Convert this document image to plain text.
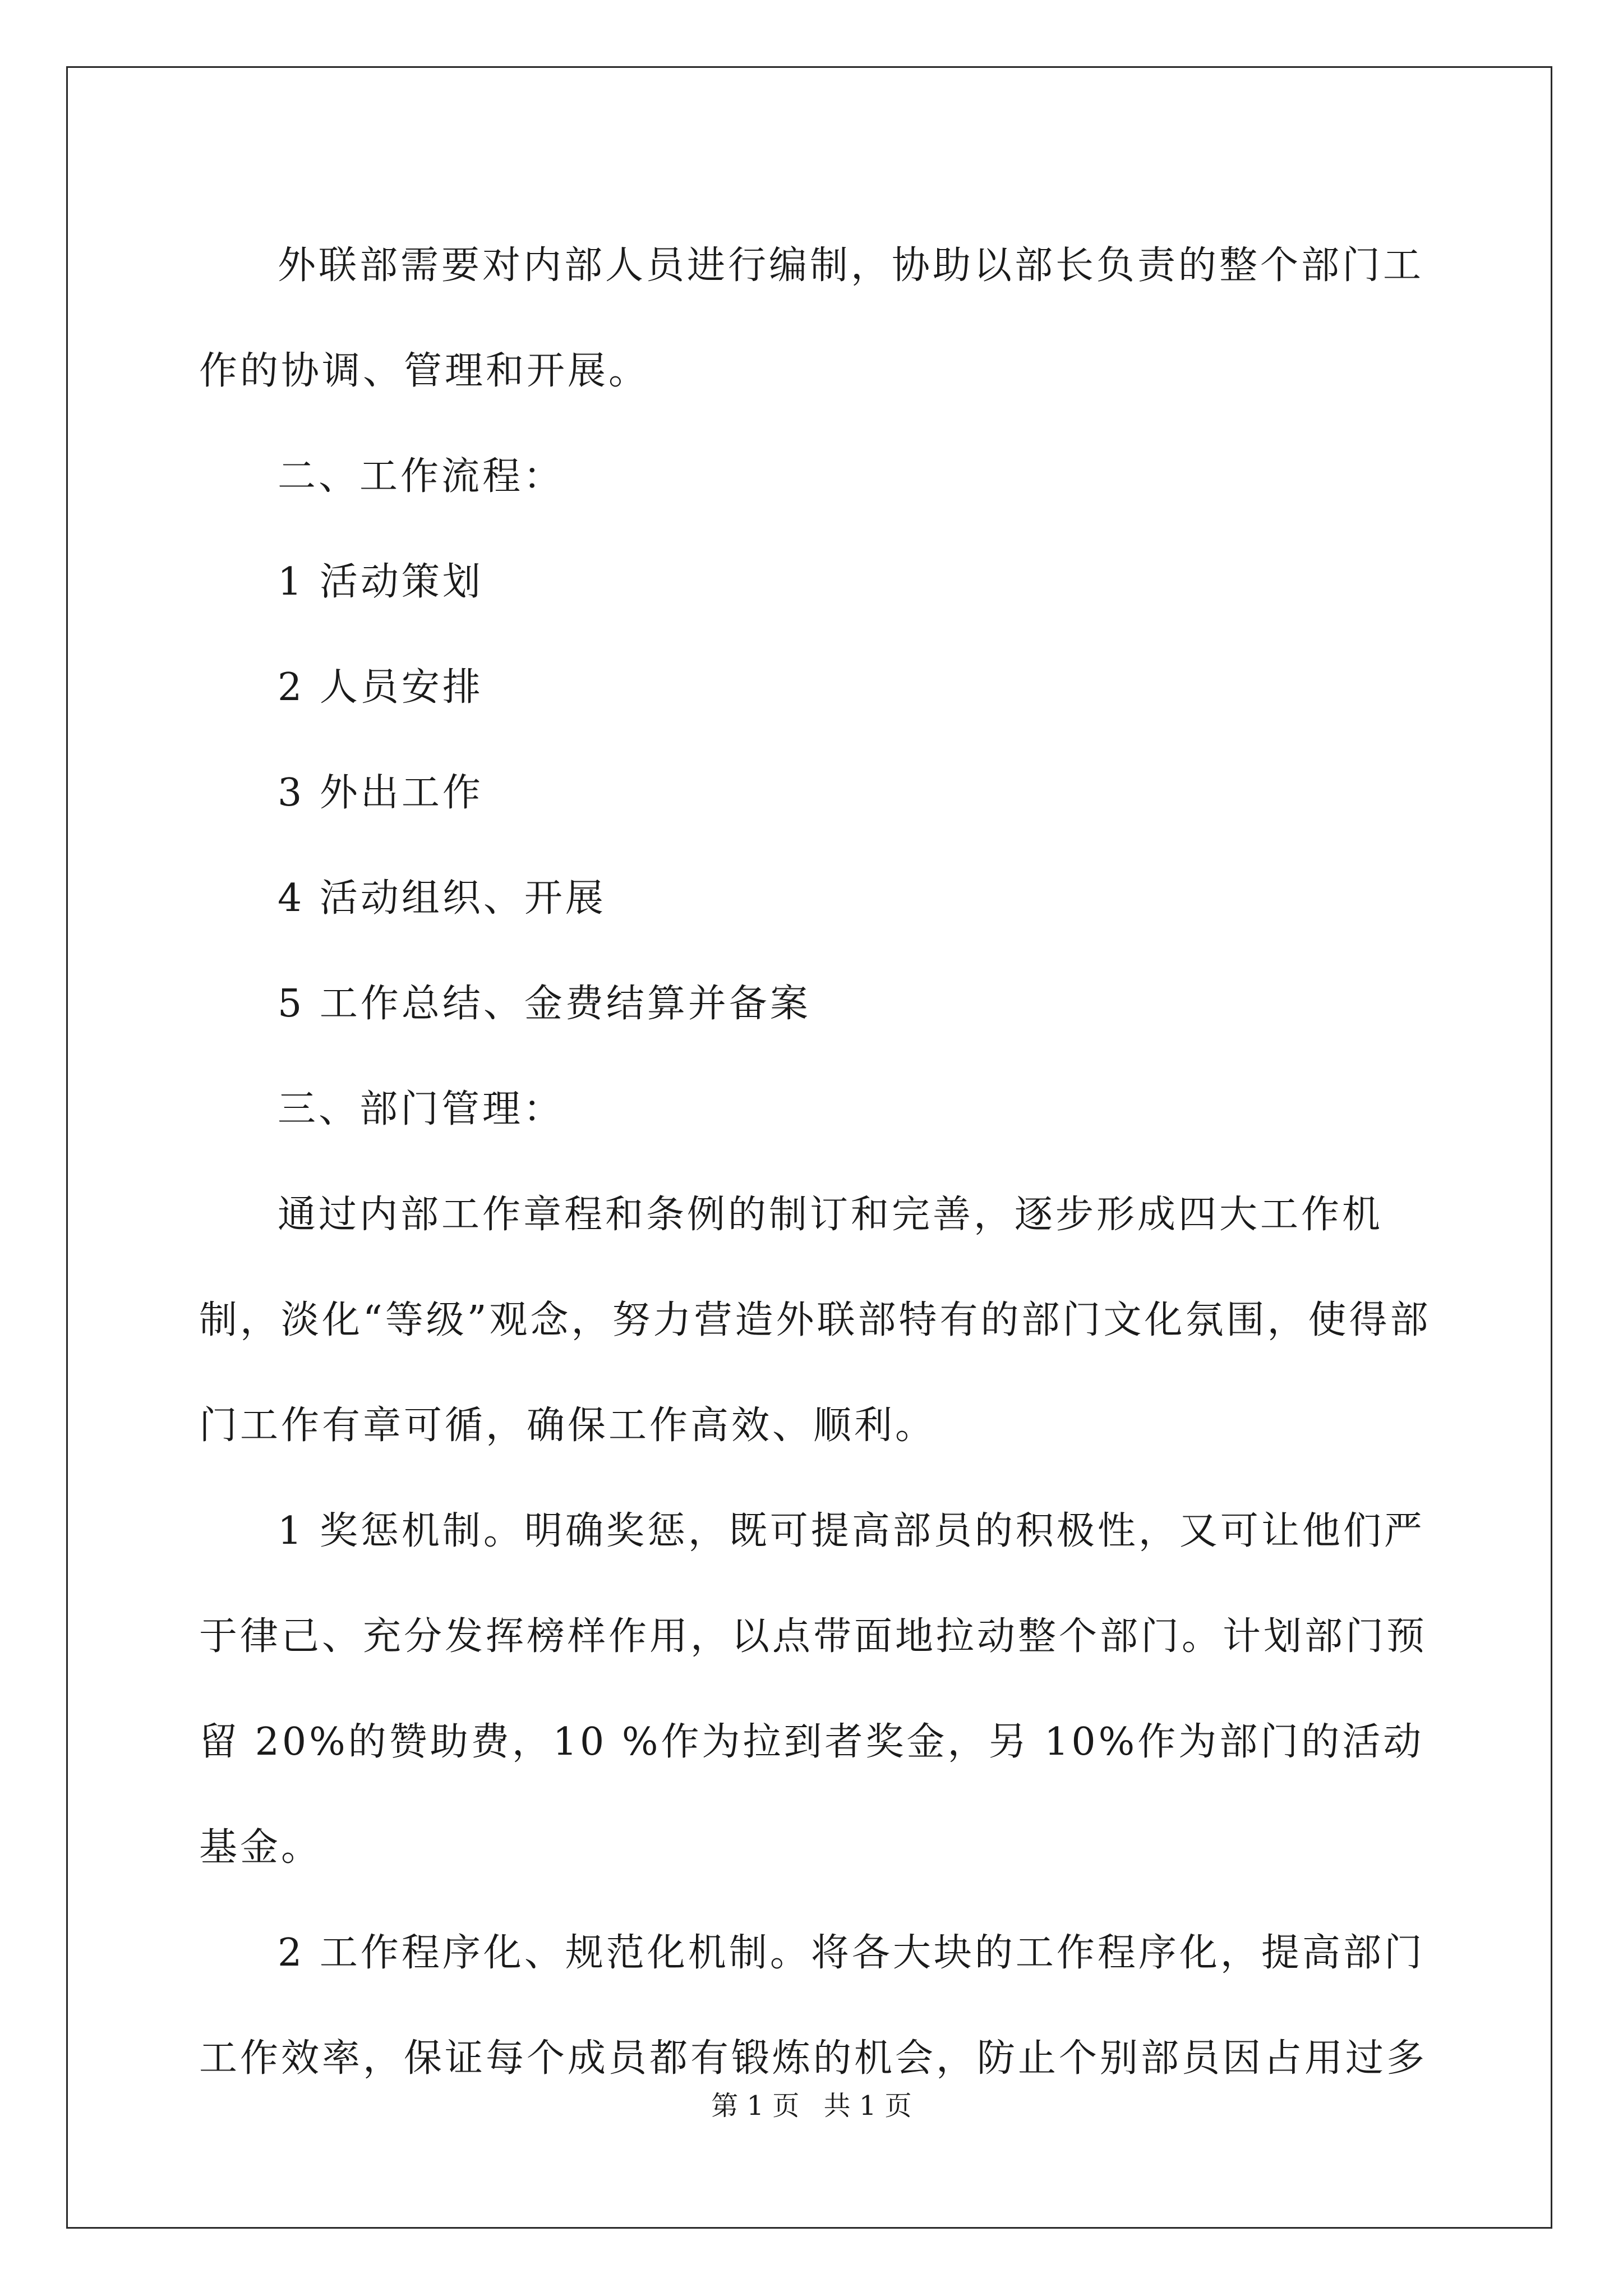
外联部需要对内部人员进行编制，协助以部长负责的整个部门工作的协调、管理和开展。

二、工作流程：

1 活动策划

2 人员安排

3 外出工作

4 活动组织、开展

5 工作总结、金费结算并备案

三、部门管理：

通过内部工作章程和条例的制订和完善，逐步形成四大工作机制，淡化“等级”观念，努力营造外联部特有的部门文化氛围，使得部门工作有章可循，确保工作高效、顺利。

1 奖惩机制。明确奖惩，既可提高部员的积极性，又可让他们严于律己、充分发挥榜样作用，以点带面地拉动整个部门。计划部门预留 20%的赞助费，10 %作为拉到者奖金，另 10%作为部门的活动基金。

2 工作程序化、规范化机制。将各大块的工作程序化，提高部门工作效率，保证每个成员都有锻炼的机会，防止个别部员因占用过多

第 1 页 共 1 页
